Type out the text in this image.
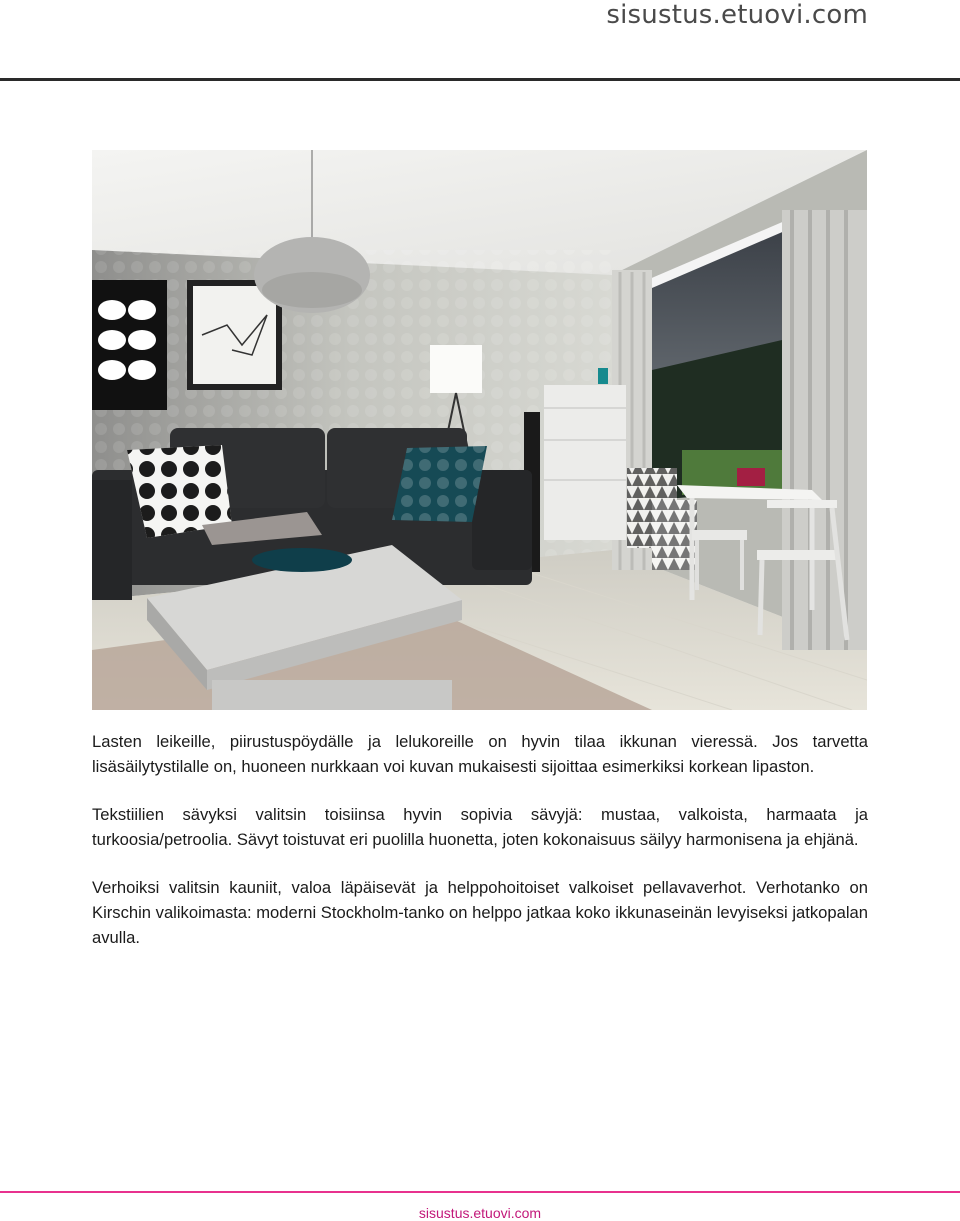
sisustus.etuovi.com

Lasten leikeille, piirustuspöydälle ja lelukoreille on hyvin tilaa ikkunan vieressä. Jos tarvetta lisäsäilytystilalle on, huoneen nurkkaan voi kuvan mukaisesti sijoittaa esimerkiksi korkean lipaston.

Tekstiilien sävyksi valitsin toisiinsa hyvin sopivia sävyjä: mustaa, valkoista, harmaata ja turkoosia/petroolia. Sävyt toistuvat eri puolilla huonetta, joten kokonaisuus säilyy harmonisena ja ehjänä.

Verhoiksi valitsin kauniit, valoa läpäisevät ja helppohoitoiset valkoiset pellavaverhot. Verhotanko on Kirschin valikoimasta: moderni Stockholm-tanko on helppo jatkaa koko ikkunaseinän levyiseksi jatkopalan avulla.

sisustus.etuovi.com
